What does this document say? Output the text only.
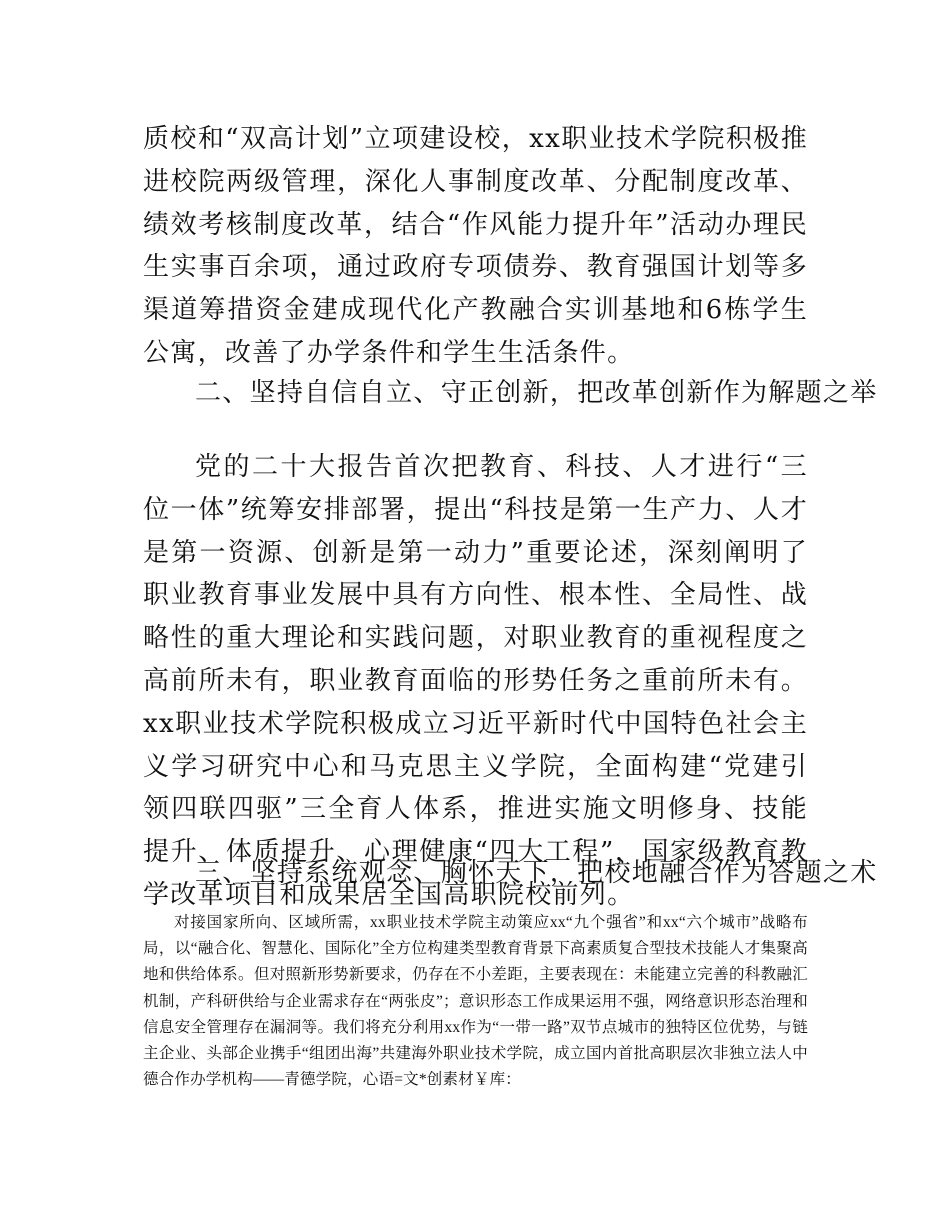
质校和“双高计划”立项建设校，xx职业技术学院积极推进校院两级管理，深化人事制度改革、分配制度改革、绩效考核制度改革，结合“作风能力提升年”活动办理民生实事百余项，通过政府专项债券、教育强国计划等多渠道筹措资金建成现代化产教融合实训基地和6栋学生公寓，改善了办学条件和学生生活条件。

二、坚持自信自立、守正创新，把改革创新作为解题之举

党的二十大报告首次把教育、科技、人才进行“三位一体”统筹安排部署，提出“科技是第一生产力、人才是第一资源、创新是第一动力”重要论述，深刻阐明了职业教育事业发展中具有方向性、根本性、全局性、战略性的重大理论和实践问题，对职业教育的重视程度之高前所未有，职业教育面临的形势任务之重前所未有。xx职业技术学院积极成立习近平新时代中国特色社会主义学习研究中心和马克思主义学院，全面构建“党建引领四联四驱”三全育人体系，推进实施文明修身、技能提升、体质提升、心理健康“四大工程”，国家级教育教学改革项目和成果居全国高职院校前列。

三、坚持系统观念、胸怀天下，把校地融合作为答题之术

对接国家所向、区域所需，xx职业技术学院主动策应xx“九个强省”和xx“六个城市”战略布局，以“融合化、智慧化、国际化”全方位构建类型教育背景下高素质复合型技术技能人才集聚高地和供给体系。但对照新形势新要求，仍存在不小差距，主要表现在：未能建立完善的科教融汇机制，产科研供给与企业需求存在“两张皮”；意识形态工作成果运用不强，网络意识形态治理和信息安全管理存在漏洞等。我们将充分利用xx作为“一带一路”双节点城市的独特区位优势，与链主企业、头部企业携手“组团出海”共建海外职业技术学院，成立国内首批高职层次非独立法人中德合作办学机构——青德学院，心语=文*创素材￥库：
